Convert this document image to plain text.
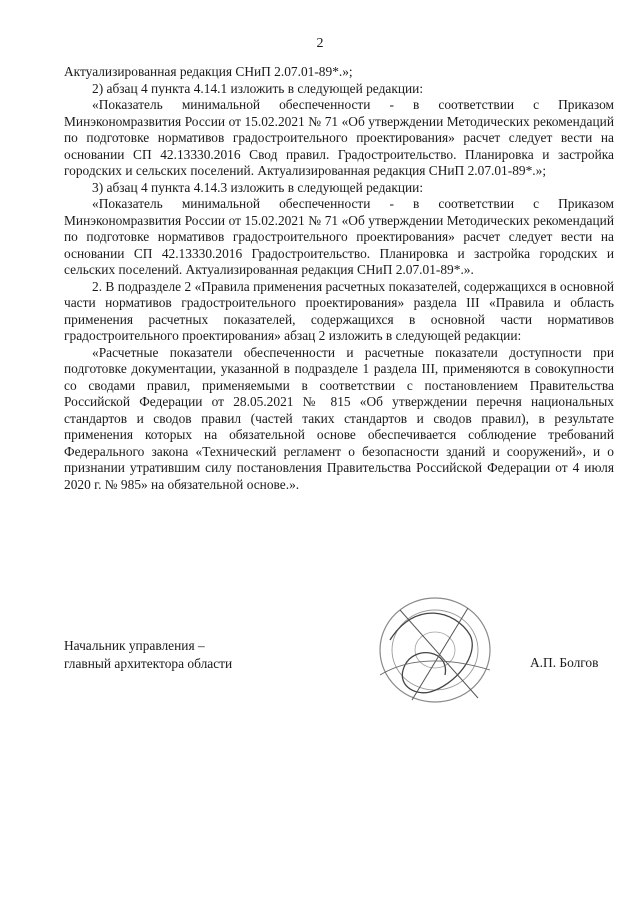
2

Актуализированная редакция СНиП 2.07.01-89*.»;

2) абзац 4 пункта 4.14.1 изложить в следующей редакции:

«Показатель минимальной обеспеченности - в соответствии с Приказом Минэкономразвития России от 15.02.2021 № 71 «Об утверждении Методических рекомендаций по подготовке нормативов градостроительного проектирования» расчет следует вести на основании СП 42.13330.2016 Свод правил. Градостроительство. Планировка и застройка городских и сельских поселений. Актуализированная редакция СНиП 2.07.01-89*.»;

3) абзац 4 пункта 4.14.3 изложить в следующей редакции:

«Показатель минимальной обеспеченности - в соответствии с Приказом Минэкономразвития России от 15.02.2021 № 71 «Об утверждении Методических рекомендаций по подготовке нормативов градостроительного проектирования» расчет следует вести на основании СП 42.13330.2016 Градостроительство. Планировка и застройка городских и сельских поселений. Актуализированная редакция СНиП 2.07.01-89*.».

2. В подразделе 2 «Правила применения расчетных показателей, содержащихся в основной части нормативов градостроительного проектирования» раздела III «Правила и область применения расчетных показателей, содержащихся в основной части нормативов градостроительного проектирования» абзац 2 изложить в следующей редакции:

«Расчетные показатели обеспеченности и расчетные показатели доступности при подготовке документации, указанной в подразделе 1 раздела III, применяются в совокупности со сводами правил, применяемыми в соответствии с постановлением Правительства Российской Федерации от 28.05.2021 № 815 «Об утверждении перечня национальных стандартов и сводов правил (частей таких стандартов и сводов правил), в результате применения которых на обязательной основе обеспечивается соблюдение требований Федерального закона «Технический регламент о безопасности зданий и сооружений», и о признании утратившим силу постановления Правительства Российской Федерации от 4 июля 2020 г. № 985» на обязательной основе.».

Начальник управления –
главный архитектора области	А.П. Болгов
